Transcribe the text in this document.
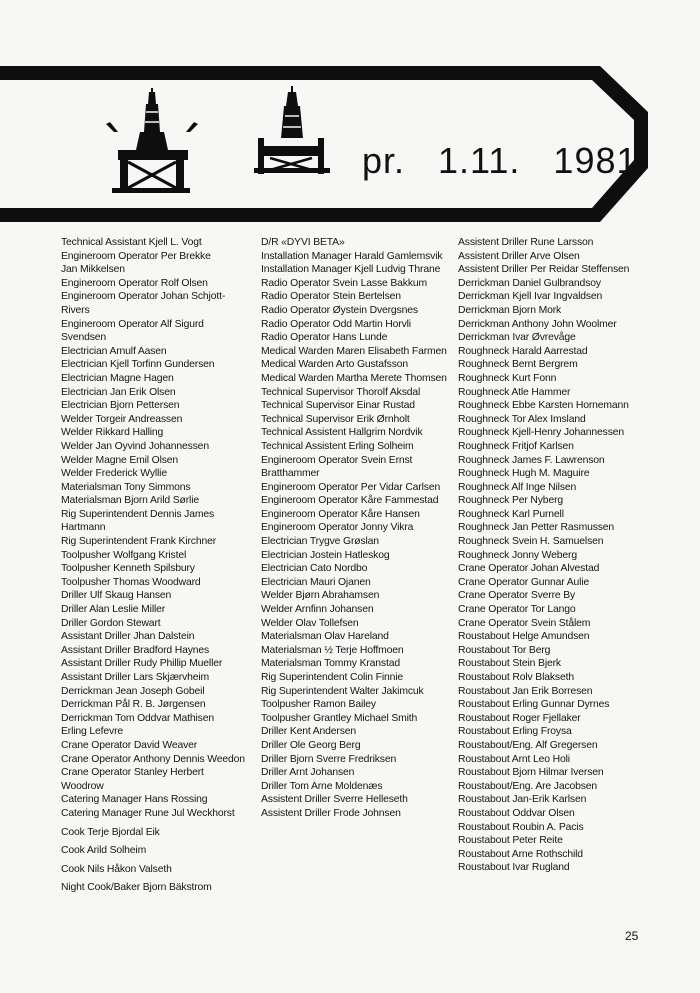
pr.   1.11.   1981
Technical Assistant Kjell L. Vogt
Engineroom Operator Per Brekke
Jan Mikkelsen
Engineroom Operator Rolf Olsen
Engineroom Operator Johan Schjott-Rivers
Engineroom Operator Alf Sigurd Svendsen
Electrician Arnulf Aasen
Electrician Kjell Torfinn Gundersen
Electrician Magne Hagen
Electrician Jan Erik Olsen
Electrician Bjorn Pettersen
Welder Torgeir Andreassen
Welder Rikkard Halling
Welder Jan Oyvind Johannessen
Welder Magne Emil Olsen
Welder Frederick Wyllie
Materialsman Tony Simmons
Materialsman Bjorn Arild Sørlie
Rig Superintendent Dennis James Hartmann
Rig Superintendent Frank Kirchner
Toolpusher Wolfgang Kristel
Toolpusher Kenneth Spilsbury
Toolpusher Thomas Woodward
Driller Ulf Skaug Hansen
Driller Alan Leslie Miller
Driller Gordon Stewart
Assistant Driller Jhan Dalstein
Assistant Driller Bradford Haynes
Assistant Driller Rudy Phillip Mueller
Assistant Driller Lars Skjærvheim
Derrickman Jean Joseph Gobeil
Derrickman Pål R. B. Jørgensen
Derrickman Tom Oddvar Mathisen
Erling Lefevre
Crane Operator David Weaver
Crane Operator Anthony Dennis Weedon
Crane Operator Stanley Herbert Woodrow
Catering Manager Hans Rossing
Catering Manager Rune Jul Weckhorst
Cook Terje Bjordal Eik
Cook Arild Solheim
Cook Nils Håkon Valseth
Night Cook/Baker Bjorn Bäkstrom
D/R «DYVI BETA»
Installation Manager Harald Gamlemsvik
Installation Manager Kjell Ludvig Thrane
Radio Operator Svein Lasse Bakkum
Radio Operator Stein Bertelsen
Radio Operator Øystein Dvergsnes
Radio Operator Odd Martin Horvli
Radio Operator Hans Lunde
Medical Warden Maren Elisabeth Farmen
Medical Warden Arto Gustafsson
Medical Warden Martha Merete Thomsen
Technical Supervisor Thorolf Aksdal
Technical Supervisor Einar Rustad
Technical Supervisor Erik Ørnholt
Technical Assistent Hallgrim Nordvik
Technical Assistent Erling Solheim
Engineroom Operator Svein Ernst Bratthammer
Engineroom Operator Per Vidar Carlsen
Engineroom Operator Kåre Fammestad
Engineroom Operator Kåre Hansen
Engineroom Operator Jonny Vikra
Electrician Trygve Grøslan
Electrician Jostein Hatleskog
Electrician Cato Nordbo
Electrician Mauri Ojanen
Welder Bjørn Abrahamsen
Welder Arnfinn Johansen
Welder Olav Tollefsen
Materialsman Olav Hareland
Materialsman ½ Terje Hoffmoen
Materialsman Tommy Kranstad
Rig Superintendent Colin Finnie
Rig Superintendent Walter Jakimcuk
Toolpusher Ramon Bailey
Toolpusher Grantley Michael Smith
Driller Kent Andersen
Driller Ole Georg Berg
Driller Bjorn Sverre Fredriksen
Driller Arnt Johansen
Driller Tom Arne Moldenæs
Assistent Driller Sverre Helleseth
Assistent Driller Frode Johnsen
Assistent Driller Rune Larsson
Assistent Driller Arve Olsen
Assistent Driller Per Reidar Steffensen
Derrickman Daniel Gulbrandsoy
Derrickman Kjell Ivar Ingvaldsen
Derrickman Bjorn Mork
Derrickman Anthony John Woolmer
Derrickman Ivar Øvrevåge
Roughneck Harald Aarrestad
Roughneck Bernt Bergrem
Roughneck Kurt Fonn
Roughneck Atle Hammer
Roughneck Ebbe Karsten Hornemann
Roughneck Tor Alex Imsland
Roughneck Kjell-Henry Johannessen
Roughneck Fritjof Karlsen
Roughneck James F. Lawrenson
Roughneck Hugh M. Maguire
Roughneck Alf Inge Nilsen
Roughneck Per Nyberg
Roughneck Karl Purnell
Roughneck Jan Petter Rasmussen
Roughneck Svein H. Samuelsen
Roughneck Jonny Weberg
Crane Operator Johan Alvestad
Crane Operator Gunnar Aulie
Crane Operator Sverre By
Crane Operator Tor Lango
Crane Operator Svein Stålem
Roustabout Helge Amundsen
Roustabout Tor Berg
Roustabout Stein Bjerk
Roustabout Rolv Blakseth
Roustabout Jan Erik Borresen
Roustabout Erling Gunnar Dyrnes
Roustabout Roger Fjellaker
Roustabout Erling Froysa
Roustabout/Eng. Alf Gregersen
Roustabout Arnt Leo Holi
Roustabout Bjorn Hilmar Iversen
Roustabout/Eng. Are Jacobsen
Roustabout Jan-Erik Karlsen
Roustabout Oddvar Olsen
Roustabout Roubin A. Pacis
Roustabout Peter Reite
Roustabout Arne Rothschild
Roustabout Ivar Rugland
25
